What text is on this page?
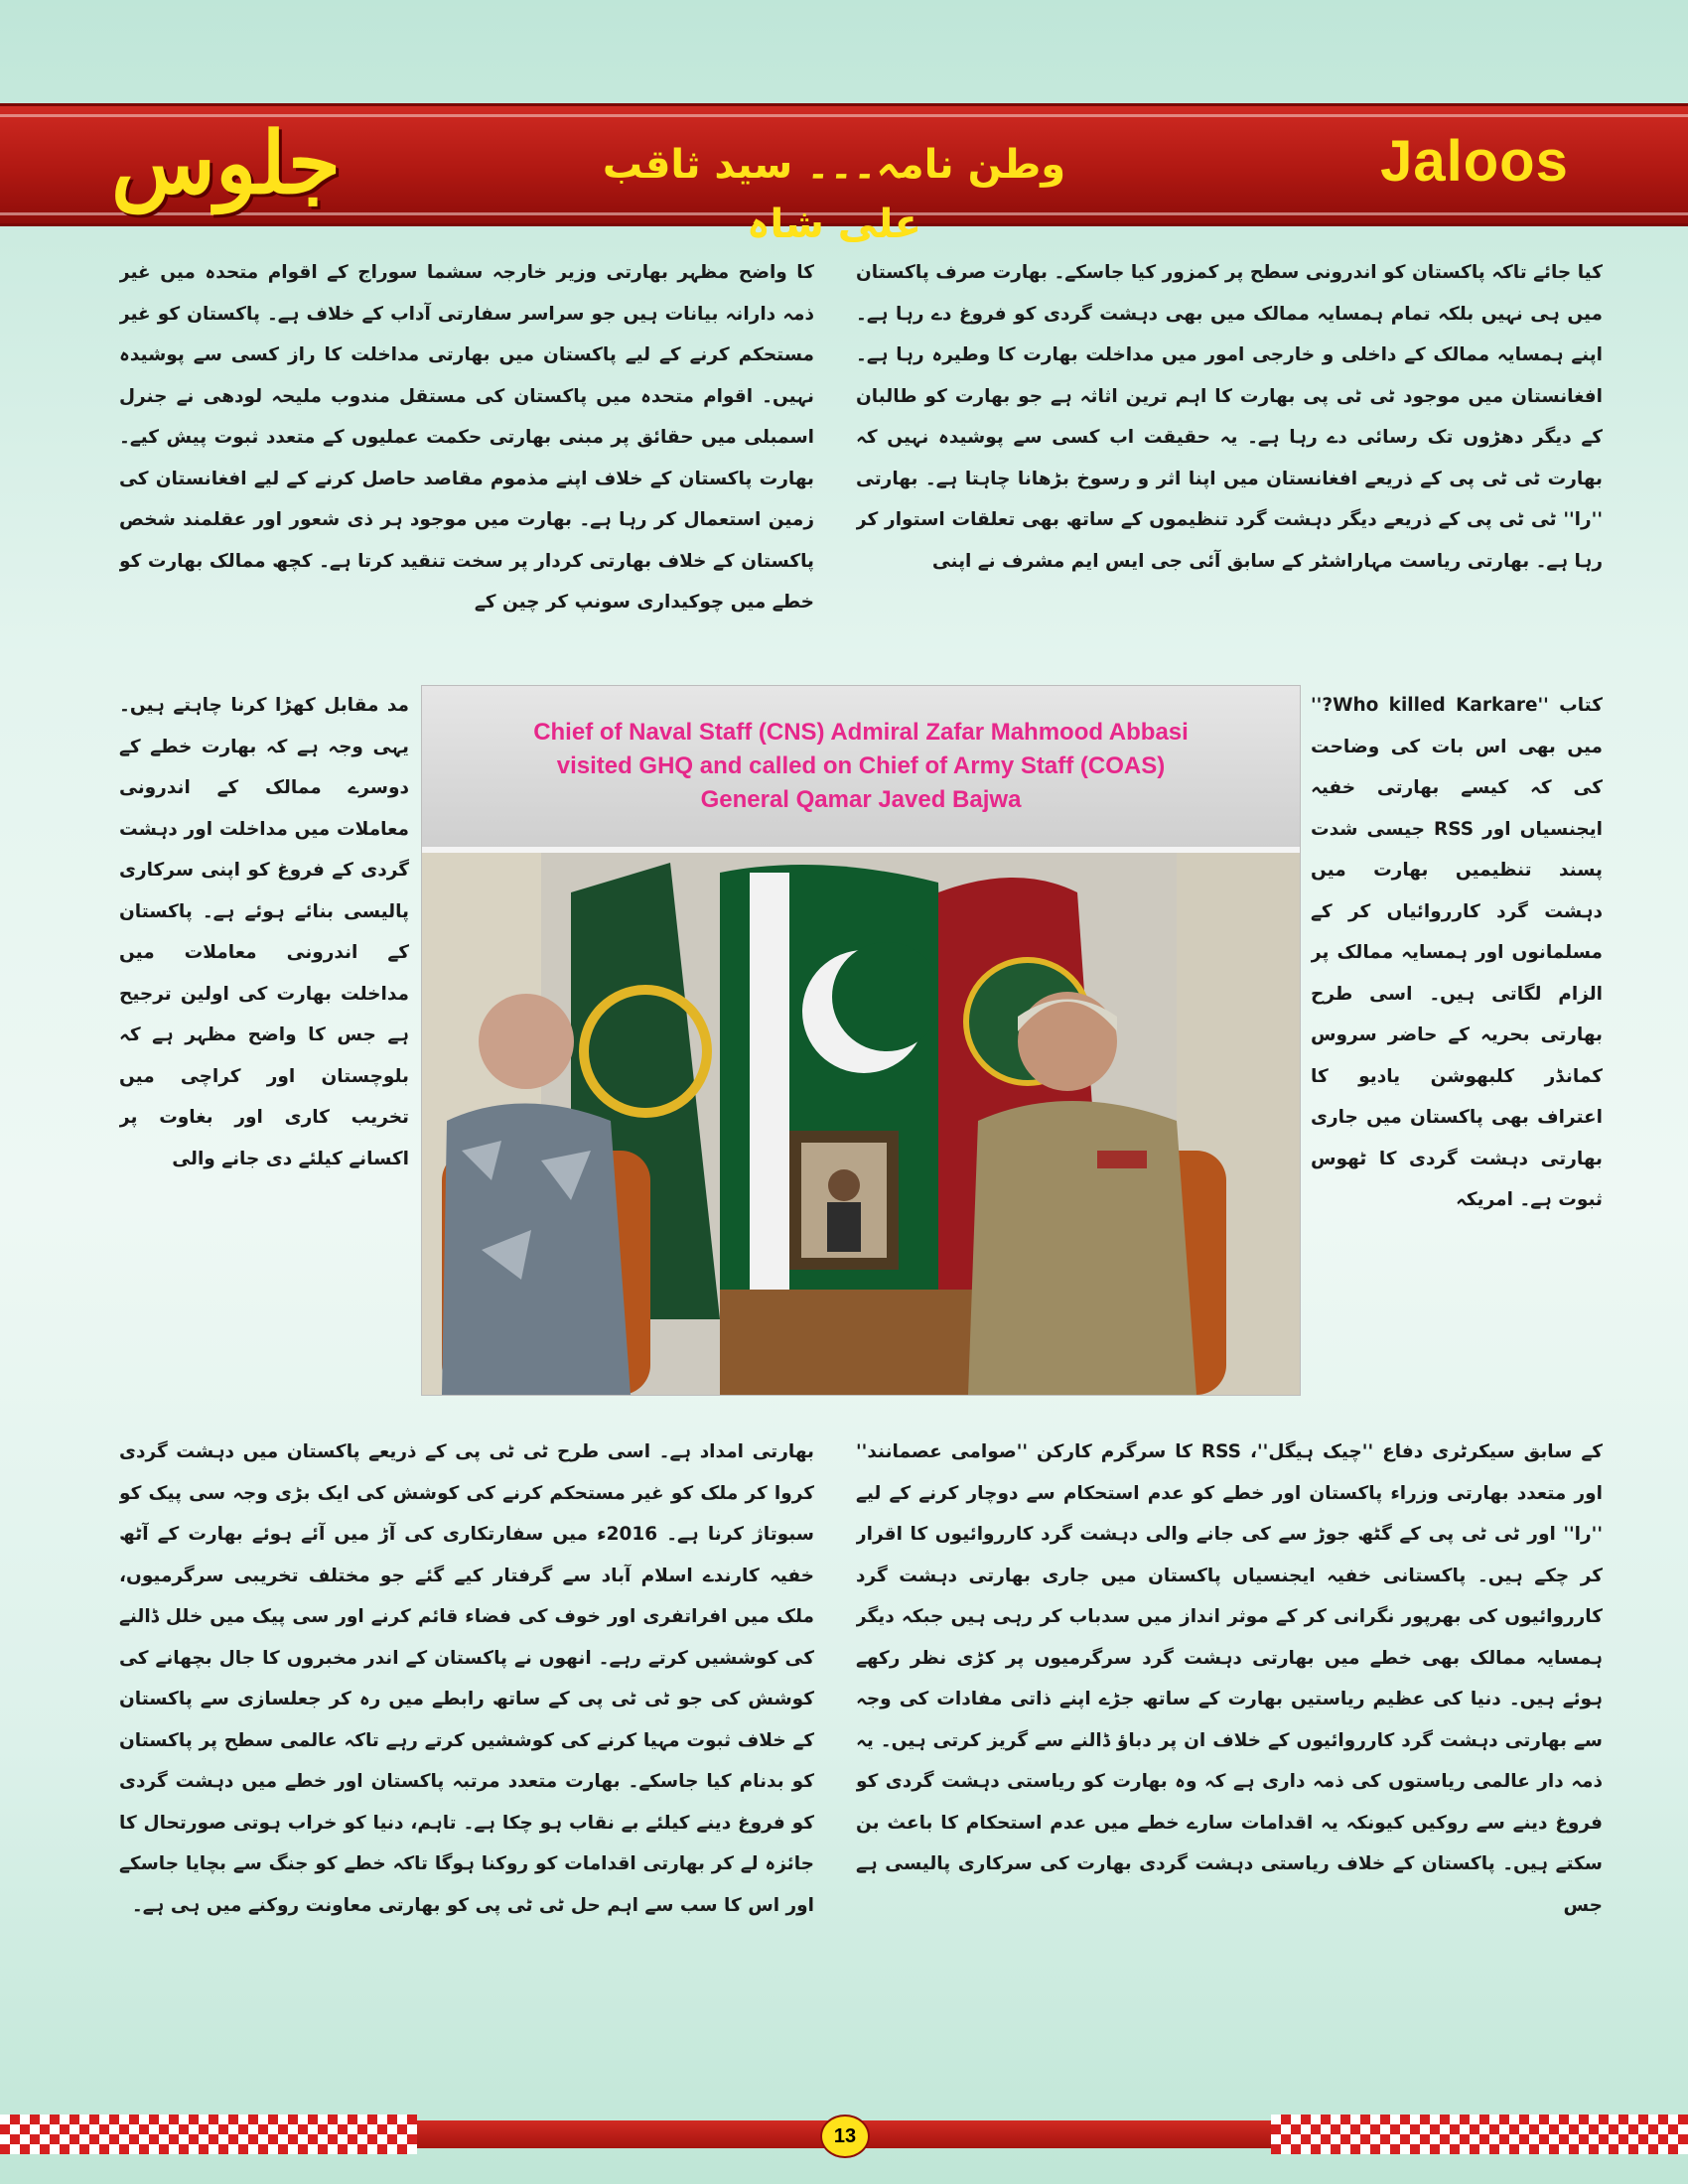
جلوس	وطن نامہ۔۔۔ سید ثاقب علی شاہ
Jaloos

کیا جائے تاکہ پاکستان کو اندرونی سطح پر کمزور کیا جاسکے۔ بھارت صرف پاکستان میں ہی نہیں بلکہ تمام ہمسایہ ممالک میں بھی دہشت گردی کو فروغ دے رہا ہے۔ اپنے ہمسایہ ممالک کے داخلی و خارجی امور میں مداخلت بھارت کا وطیرہ رہا ہے۔ افغانستان میں موجود ٹی ٹی پی بھارت کا اہم ترین اثاثہ ہے جو بھارت کو طالبان کے دیگر دھڑوں تک رسائی دے رہا ہے۔ یہ حقیقت اب کسی سے پوشیدہ نہیں کہ بھارت ٹی ٹی پی کے ذریعے افغانستان میں اپنا اثر و رسوخ بڑھانا چاہتا ہے۔ بھارتی ''را'' ٹی ٹی پی کے ذریعے دیگر دہشت گرد تنظیموں کے ساتھ بھی تعلقات استوار کر رہا ہے۔ بھارتی ریاست مہاراشٹر کے سابق آئی جی ایس ایم مشرف نے اپنی

کا واضح مظہر بھارتی وزیر خارجہ سشما سوراج کے اقوام متحدہ میں غیر ذمہ دارانہ بیانات ہیں جو سراسر سفارتی آداب کے خلاف ہے۔ پاکستان کو غیر مستحکم کرنے کے لیے پاکستان میں بھارتی مداخلت کا راز کسی سے پوشیدہ نہیں۔ اقوام متحدہ میں پاکستان کی مستقل مندوب ملیحہ لودھی نے جنرل اسمبلی میں حقائق پر مبنی بھارتی حکمت عملیوں کے متعدد ثبوت پیش کیے۔ بھارت پاکستان کے خلاف اپنے مذموم مقاصد حاصل کرنے کے لیے افغانستان کی زمین استعمال کر رہا ہے۔ بھارت میں موجود ہر ذی شعور اور عقلمند شخص پاکستان کے خلاف بھارتی کردار پر سخت تنقید کرتا ہے۔ کچھ ممالک بھارت کو خطے میں چوکیداری سونپ کر چین کے

کتاب ''Who killed Karkare?'' میں بھی اس بات کی وضاحت کی کہ کیسے بھارتی خفیہ ایجنسیاں اور RSS جیسی شدت پسند تنظیمیں بھارت میں دہشت گرد کارروائیاں کر کے مسلمانوں اور ہمسایہ ممالک پر الزام لگاتی ہیں۔ اسی طرح بھارتی بحریہ کے حاضر سروس کمانڈر کلبھوشن یادیو کا اعتراف بھی پاکستان میں جاری بھارتی دہشت گردی کا ٹھوس ثبوت ہے۔ امریکہ

مد مقابل کھڑا کرنا چاہتے ہیں۔ یہی وجہ ہے کہ بھارت خطے کے دوسرے ممالک کے اندرونی معاملات میں مداخلت اور دہشت گردی کے فروغ کو اپنی سرکاری پالیسی بنائے ہوئے ہے۔ پاکستان کے اندرونی معاملات میں مداخلت بھارت کی اولین ترجیح ہے جس کا واضح مظہر ہے کہ بلوچستان اور کراچی میں تخریب کاری اور بغاوت پر اکسانے کیلئے دی جانے والی

کے سابق سیکرٹری دفاع ''چیک ہیگل''، RSS کا سرگرم کارکن ''صوامی عصمانند'' اور متعدد بھارتی وزراء پاکستان اور خطے کو عدم استحکام سے دوچار کرنے کے لیے ''را'' اور ٹی ٹی پی کے گٹھ جوڑ سے کی جانے والی دہشت گرد کارروائیوں کا اقرار کر چکے ہیں۔ پاکستانی خفیہ ایجنسیاں پاکستان میں جاری بھارتی دہشت گرد کارروائیوں کی بھرپور نگرانی کر کے موثر انداز میں سدباب کر رہی ہیں جبکہ دیگر ہمسایہ ممالک بھی خطے میں بھارتی دہشت گرد سرگرمیوں پر کڑی نظر رکھے ہوئے ہیں۔ دنیا کی عظیم ریاستیں بھارت کے ساتھ جڑے اپنے ذاتی مفادات کی وجہ سے بھارتی دہشت گرد کارروائیوں کے خلاف ان پر دباؤ ڈالنے سے گریز کرتی ہیں۔ یہ ذمہ دار عالمی ریاستوں کی ذمہ داری ہے کہ وہ بھارت کو ریاستی دہشت گردی کو فروغ دینے سے روکیں کیونکہ یہ اقدامات سارے خطے میں عدم استحکام کا باعث بن سکتے ہیں۔ پاکستان کے خلاف ریاستی دہشت گردی بھارت کی سرکاری پالیسی ہے جس

بھارتی امداد ہے۔ اسی طرح ٹی ٹی پی کے ذریعے پاکستان میں دہشت گردی کروا کر ملک کو غیر مستحکم کرنے کی کوشش کی ایک بڑی وجہ سی پیک کو سبوتاژ کرنا ہے۔ 2016ء میں سفارتکاری کی آڑ میں آئے ہوئے بھارت کے آٹھ خفیہ کارندے اسلام آباد سے گرفتار کیے گئے جو مختلف تخریبی سرگرمیوں، ملک میں افراتفری اور خوف کی فضاء قائم کرنے اور سی پیک میں خلل ڈالنے کی کوششیں کرتے رہے۔ انھوں نے پاکستان کے اندر مخبروں کا جال بچھانے کی کوشش کی جو ٹی ٹی پی کے ساتھ رابطے میں رہ کر جعلسازی سے پاکستان کے خلاف ثبوت مہیا کرنے کی کوششیں کرتے رہے تاکہ عالمی سطح پر پاکستان کو بدنام کیا جاسکے۔ بھارت متعدد مرتبہ پاکستان اور خطے میں دہشت گردی کو فروغ دینے کیلئے بے نقاب ہو چکا ہے۔ تاہم، دنیا کو خراب ہوتی صورتحال کا جائزہ لے کر بھارتی اقدامات کو روکنا ہوگا تاکہ خطے کو جنگ سے بچایا جاسکے اور اس کا سب سے اہم حل ٹی ٹی پی کو بھارتی معاونت روکنے میں ہی ہے۔

Chief of Naval Staff (CNS) Admiral Zafar Mahmood Abbasi
visited GHQ and called on Chief of Army Staff (COAS)
General Qamar Javed Bajwa
13
